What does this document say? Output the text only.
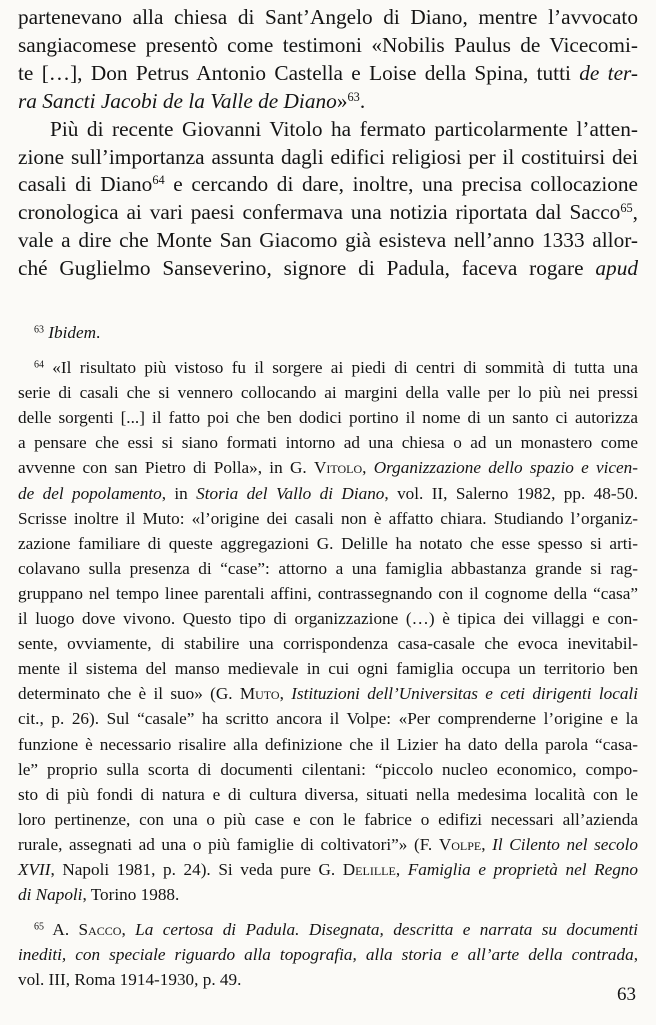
partenevano alla chiesa di Sant’Angelo di Diano, mentre l’avvocato

sangiacomese presentò come testimoni «Nobilis Paulus de Vicecomi-

te […], Don Petrus Antonio Castella e Loise della Spina, tutti de ter-

ra Sancti Jacobi de la Valle de Diano»$^{63}$.

Più di recente Giovanni Vitolo ha fermato particolarmente l’atten-

zione sull’importanza assunta dagli edifici religiosi per il costituirsi dei

casali di Diano$^{64}$ e cercando di dare, inoltre, una precisa collocazione

cronologica ai vari paesi confermava una notizia riportata dal Sacco$^{65}$,

vale a dire che Monte San Giacomo già esisteva nell’anno 1333 allor-

ché Guglielmo Sanseverino, signore di Padula, faceva rogare apud

$^{63}$ Ibidem.

$^{64}$ «Il risultato più vistoso fu il sorgere ai piedi di centri di sommità di tutta una

serie di casali che si vennero collocando ai margini della valle per lo più nei pressi

delle sorgenti [...] il fatto poi che ben dodici portino il nome di un santo ci autorizza

a pensare che essi si siano formati intorno ad una chiesa o ad un monastero come

avvenne con san Pietro di Polla», in G. Vitolo, Organizzazione dello spazio e vicen-

de del popolamento, in Storia del Vallo di Diano, vol. II, Salerno 1982, pp. 48-50.

Scrisse inoltre il Muto: «l’origine dei casali non è affatto chiara. Studiando l’organiz-

zazione familiare di queste aggregazioni G. Delille ha notato che esse spesso si arti-

colavano sulla presenza di “case”: attorno a una famiglia abbastanza grande si rag-

gruppano nel tempo linee parentali affini, contrassegnando con il cognome della “casa”

il luogo dove vivono. Questo tipo di organizzazione (…) è tipica dei villaggi e con-

sente, ovviamente, di stabilire una corrispondenza casa-casale che evoca inevitabil-

mente il sistema del manso medievale in cui ogni famiglia occupa un territorio ben

determinato che è il suo» (G. Muto, Istituzioni dell’Universitas e ceti dirigenti locali

cit., p. 26). Sul “casale” ha scritto ancora il Volpe: «Per comprenderne l’origine e la

funzione è necessario risalire alla definizione che il Lizier ha dato della parola “casa-

le” proprio sulla scorta di documenti cilentani: “piccolo nucleo economico, compo-

sto di più fondi di natura e di cultura diversa, situati nella medesima località con le

loro pertinenze, con una o più case e con le fabrice o edifizi necessari all’azienda

rurale, assegnati ad una o più famiglie di coltivatori”» (F. Volpe, Il Cilento nel secolo

XVII, Napoli 1981, p. 24). Si veda pure G. Delille, Famiglia e proprietà nel Regno

di Napoli, Torino 1988.

$^{65}$ A. Sacco, La certosa di Padula. Disegnata, descritta e narrata su documenti

inediti, con speciale riguardo alla topografia, alla storia e all’arte della contrada,

vol. III, Roma 1914-1930, p. 49.

63
